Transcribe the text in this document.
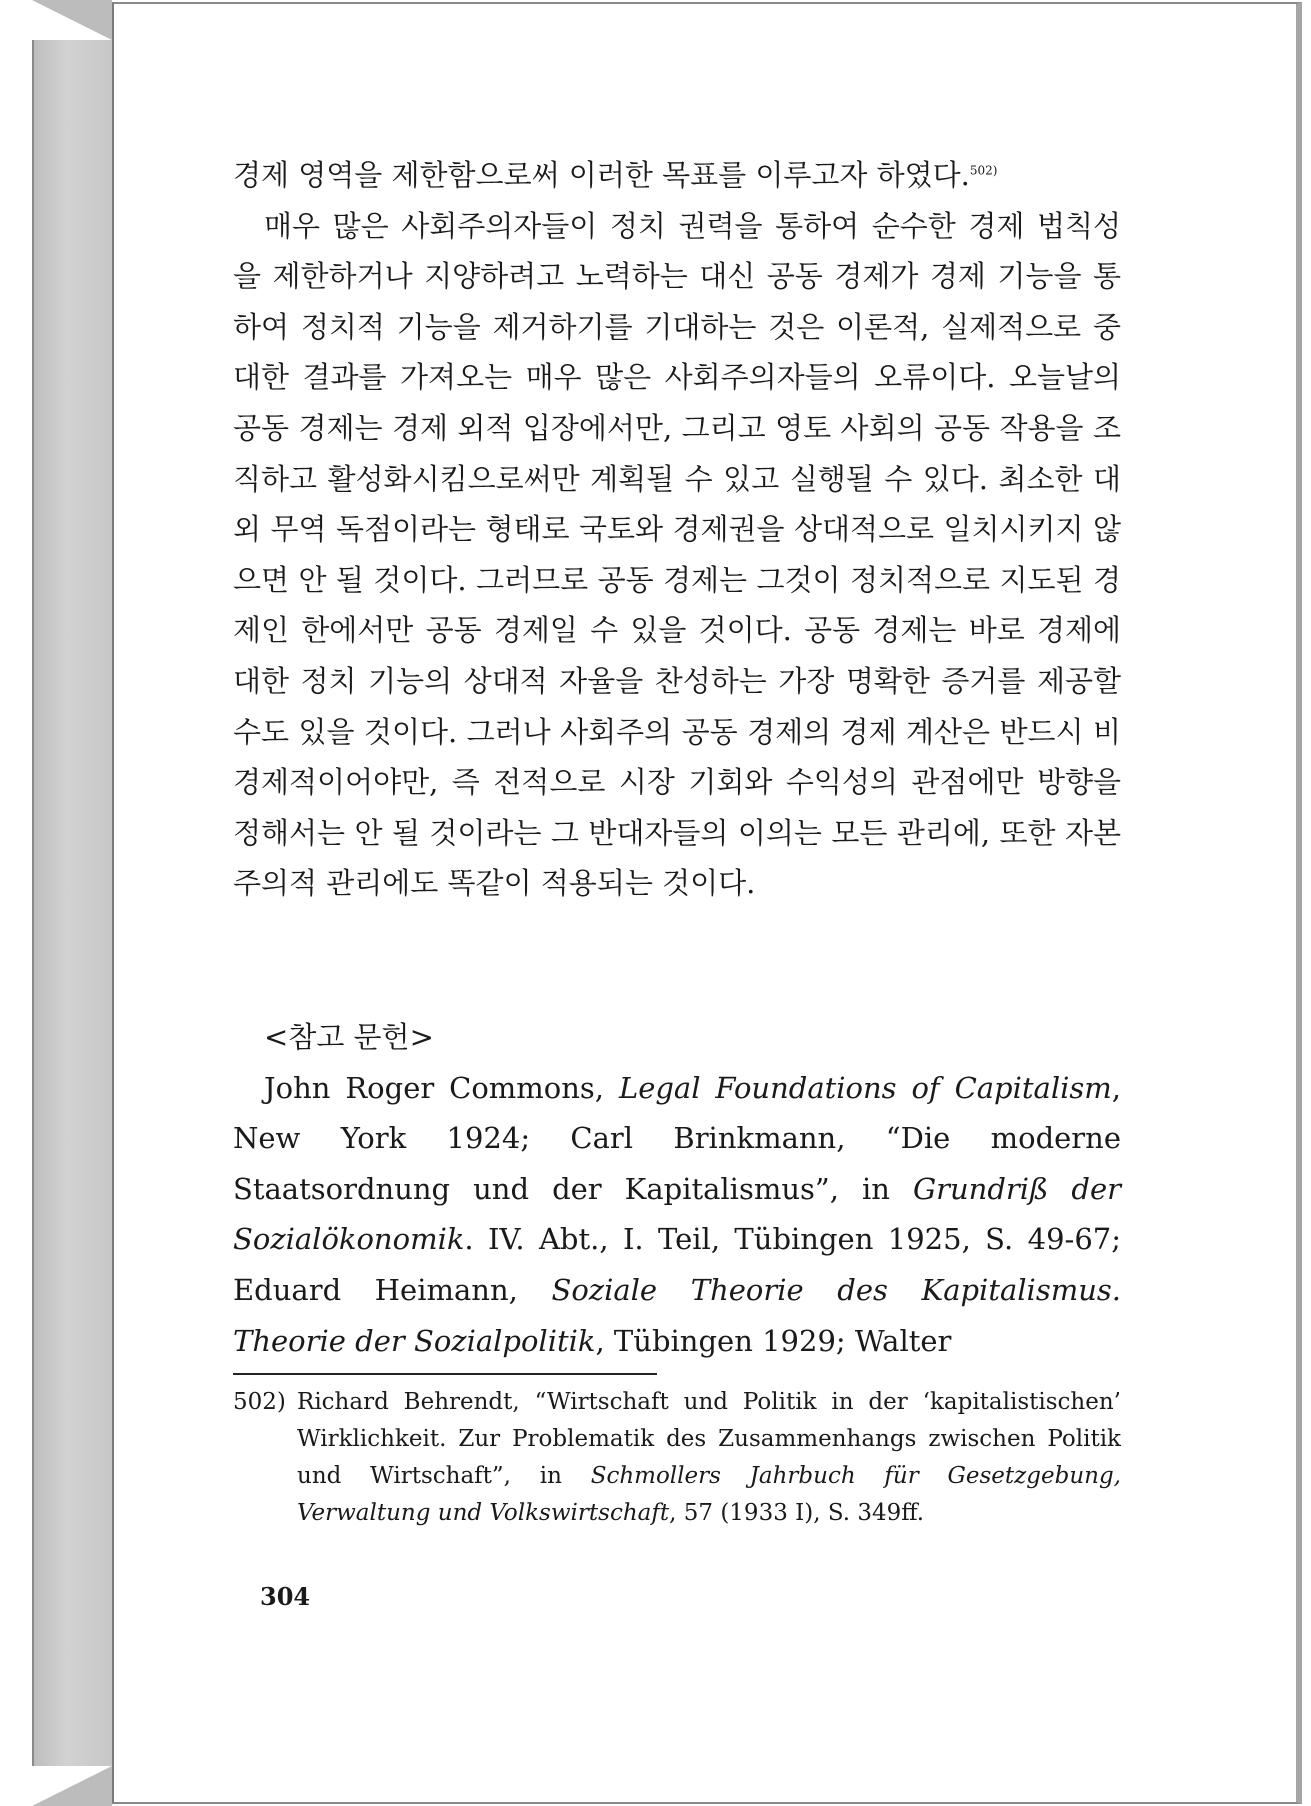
경제 영역을 제한함으로써 이러한 목표를 이루고자 하였다.$^{502)}$

매우 많은 사회주의자들이 정치 권력을 통하여 순수한 경제 법칙성을 제한하거나 지양하려고 노력하는 대신 공동 경제가 경제 기능을 통하여 정치적 기능을 제거하기를 기대하는 것은 이론적, 실제적으로 중대한 결과를 가져오는 매우 많은 사회주의자들의 오류이다. 오늘날의 공동 경제는 경제 외적 입장에서만, 그리고 영토 사회의 공동 작용을 조직하고 활성화시킴으로써만 계획될 수 있고 실행될 수 있다. 최소한 대외 무역 독점이라는 형태로 국토와 경제권을 상대적으로 일치시키지 않으면 안 될 것이다. 그러므로 공동 경제는 그것이 정치적으로 지도된 경제인 한에서만 공동 경제일 수 있을 것이다. 공동 경제는 바로 경제에 대한 정치 기능의 상대적 자율을 찬성하는 가장 명확한 증거를 제공할 수도 있을 것이다. 그러나 사회주의 공동 경제의 경제 계산은 반드시 비경제적이어야만, 즉 전적으로 시장 기회와 수익성의 관점에만 방향을 정해서는 안 될 것이라는 그 반대자들의 이의는 모든 관리에, 또한 자본주의적 관리에도 똑같이 적용되는 것이다.

<참고 문헌>

John Roger Commons, Legal Foundations of Capitalism, New York 1924; Carl Brinkmann, “Die moderne Staatsordnung und der Kapitalismus”, in Grundriß der Sozialökonomik. IV. Abt., I. Teil, Tübingen 1925, S. 49-67; Eduard Heimann, Soziale Theorie des Kapitalismus. Theorie der Sozialpolitik, Tübingen 1929; Walter

502) Richard Behrendt, “Wirtschaft und Politik in der ‘kapitalistischen’ Wirklichkeit. Zur Problematik des Zusammenhangs zwischen Politik und Wirtschaft”, in Schmollers Jahrbuch für Gesetzgebung, Verwaltung und Volkswirtschaft, 57 (1933 I), S. 349ff.
304
